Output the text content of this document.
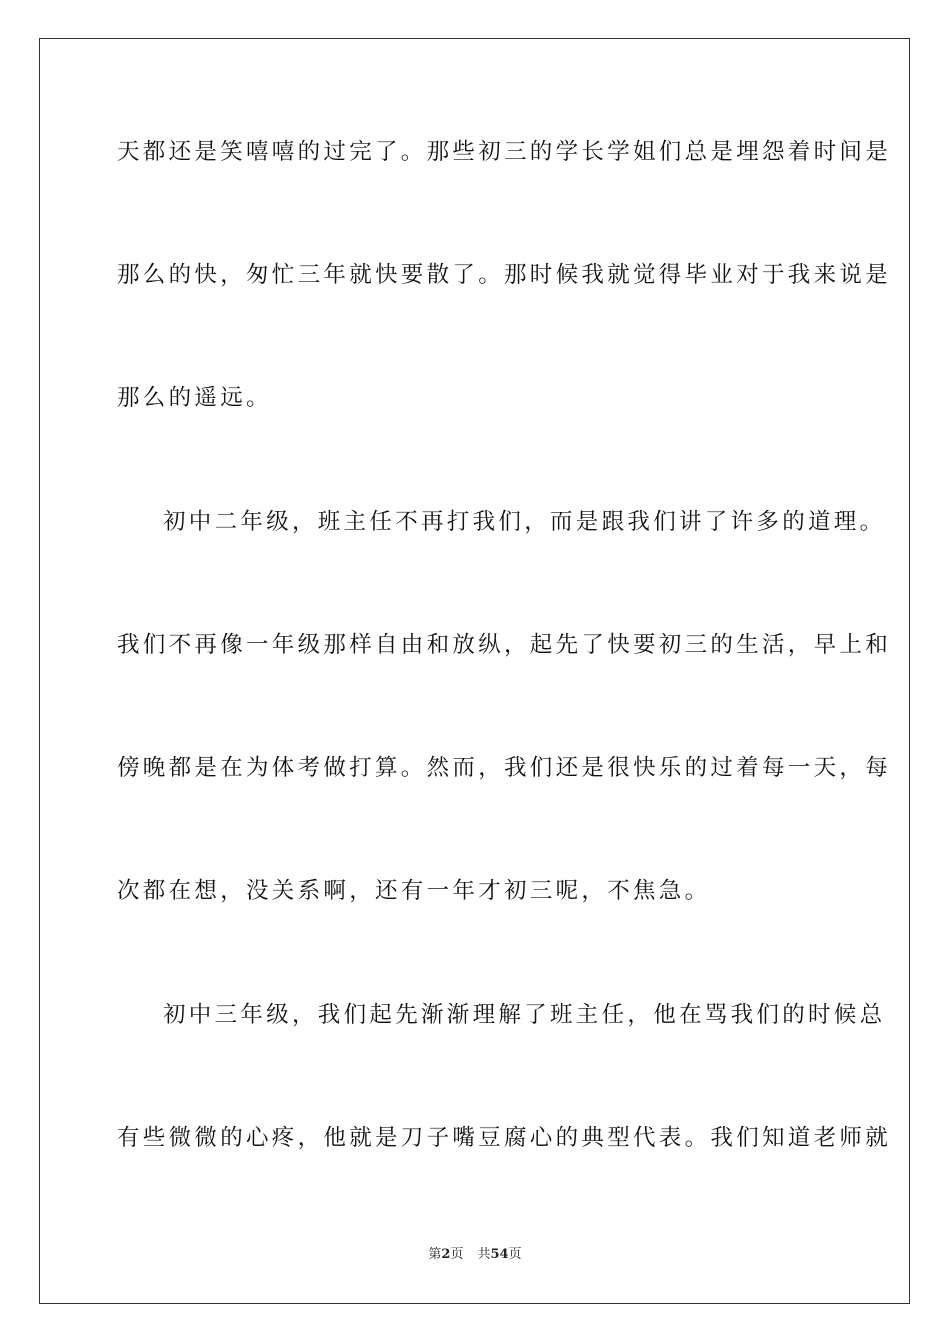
天都还是笑嘻嘻的过完了。那些初三的学长学姐们总是埋怨着时间是
那么的快，匆忙三年就快要散了。那时候我就觉得毕业对于我来说是
那么的遥远。
初中二年级，班主任不再打我们，而是跟我们讲了许多的道理。
我们不再像一年级那样自由和放纵，起先了快要初三的生活，早上和
傍晚都是在为体考做打算。然而，我们还是很快乐的过着每一天，每
次都在想，没关系啊，还有一年才初三呢，不焦急。
初中三年级，我们起先渐渐理解了班主任，他在骂我们的时候总
有些微微的心疼，他就是刀子嘴豆腐心的典型代表。我们知道老师就
第2页 共54页
